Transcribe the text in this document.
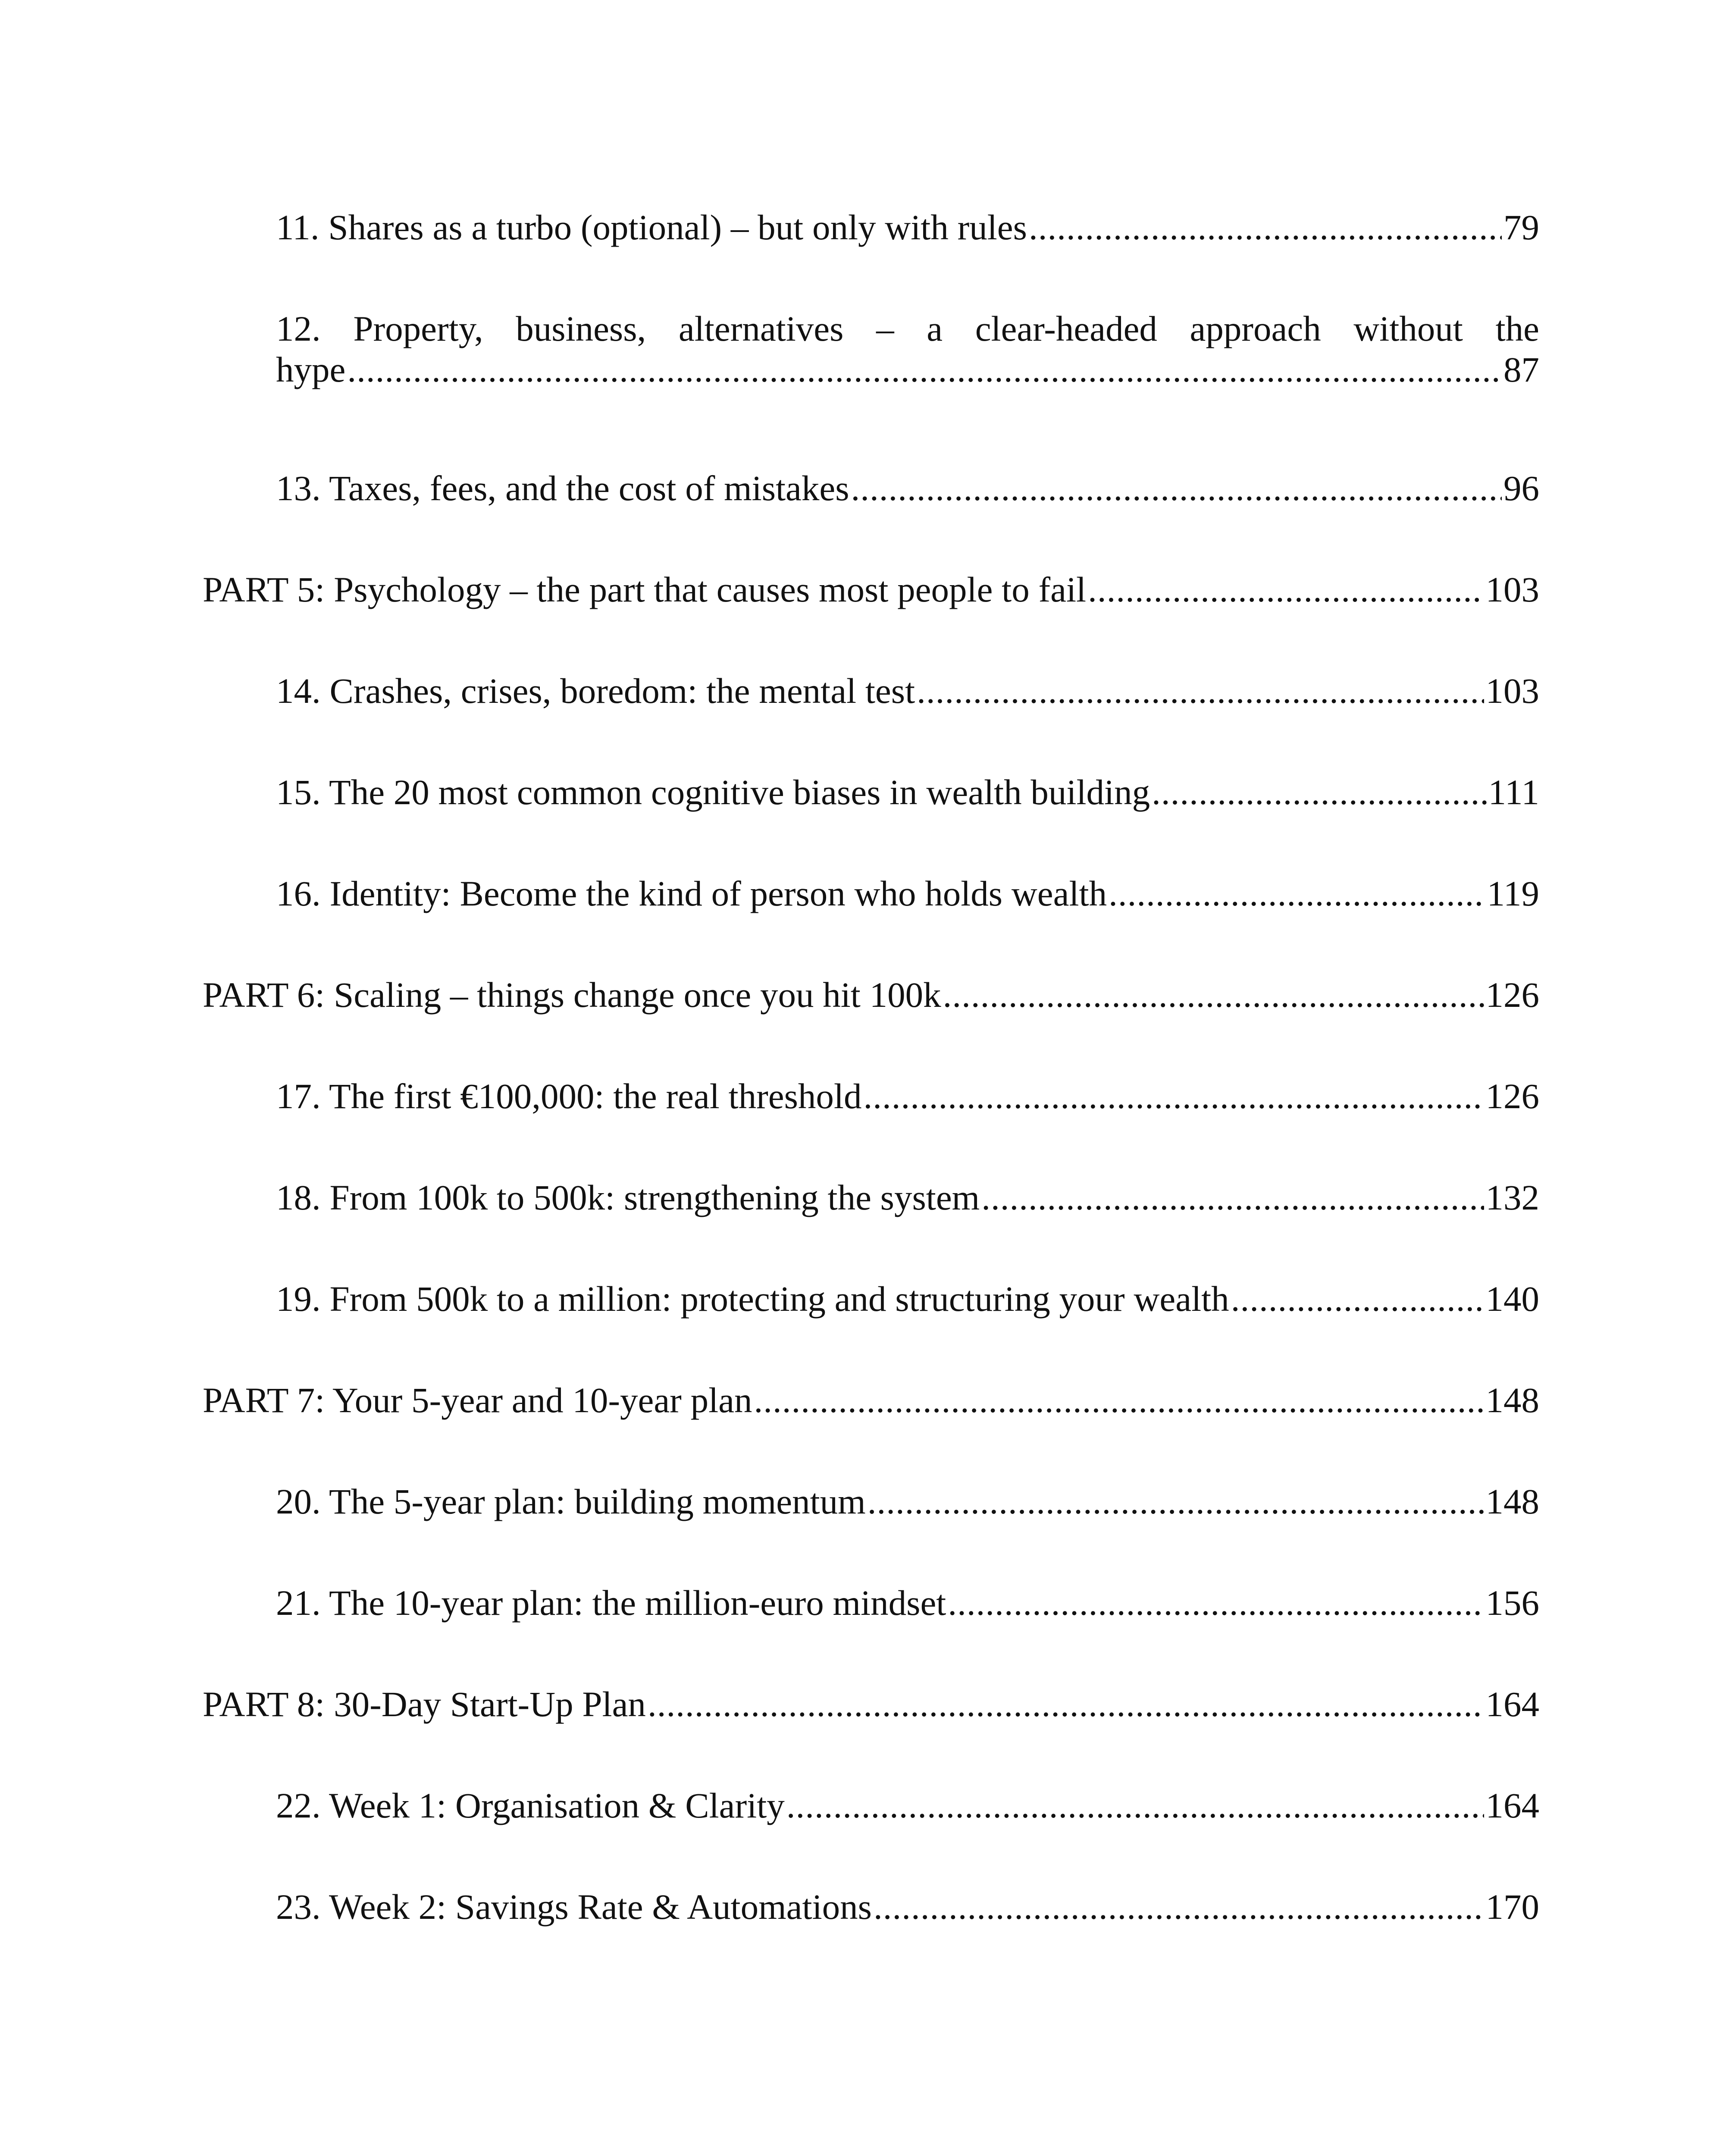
11. Shares as a turbo (optional) – but only with rules .....	79
12. Property, business, alternatives – a clear-headed approach without the
hype .....	87
13. Taxes, fees, and the cost of mistakes .....	96
PART 5: Psychology – the part that causes most people to fail .....	103
14. Crashes, crises, boredom: the mental test .....	103
15. The 20 most common cognitive biases in wealth building .....	111
16. Identity: Become the kind of person who holds wealth .....	119
PART 6: Scaling – things change once you hit 100k .....	126
17. The first €100,000: the real threshold .....	126
18. From 100k to 500k: strengthening the system .....	132
19. From 500k to a million: protecting and structuring your wealth .....	140
PART 7: Your 5-year and 10-year plan .....	148
20. The 5-year plan: building momentum .....	148
21. The 10-year plan: the million-euro mindset .....	156
PART 8: 30-Day Start-Up Plan .....	164
22. Week 1: Organisation & Clarity .....	164
23. Week 2: Savings Rate & Automations .....	170
